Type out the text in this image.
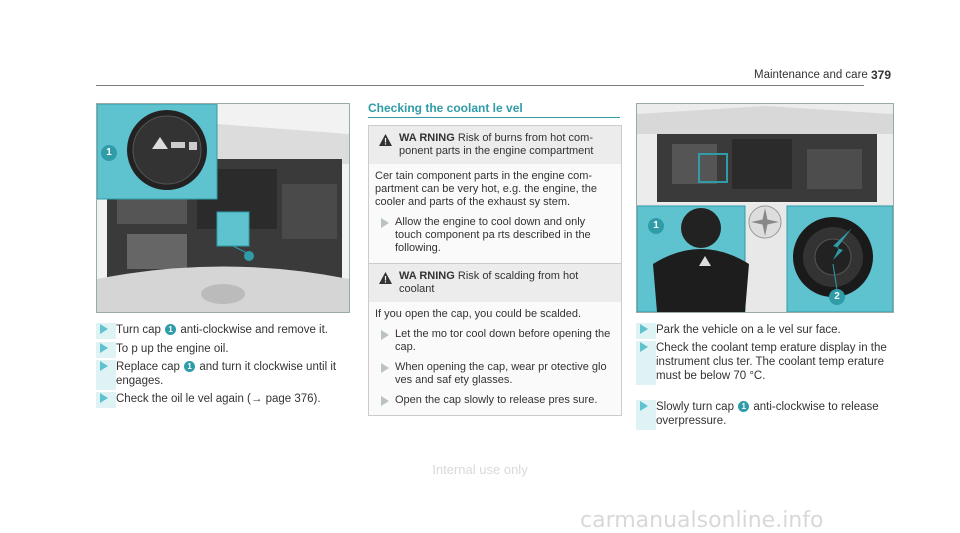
Maintenance and care 379
1
Turn cap 1 anti-clockwise and remove it.
To p up the engine oil.
Replace cap 1 and turn it clockwise until it engages.
Check the oil le vel again (→ page 376).
Checking the coolant le vel
WA RNING Risk of burns from hot com ponent parts in the engine compartment
Cer tain component parts in the engine com partment can be very hot, e.g. the engine, the cooler and parts of the exhaust sy stem.
Allow the engine to cool down and only touch component pa rts described in the following.
WA RNING Risk of scalding from hot coolant
If you open the cap, you could be scalded.
Let the mo tor cool down before opening the cap.
When opening the cap, wear pr otective glo ves and saf ety glasses.
Open the cap slowly to release pres sure.
1
2
Park the vehicle on a le vel sur face.
Check the coolant temp erature display in the instrument clus ter. The coolant temp erature must be below 70 °C.
Slowly turn cap 1 anti-clockwise to release overpressure.
Internal use only
carmanualsonline.info
